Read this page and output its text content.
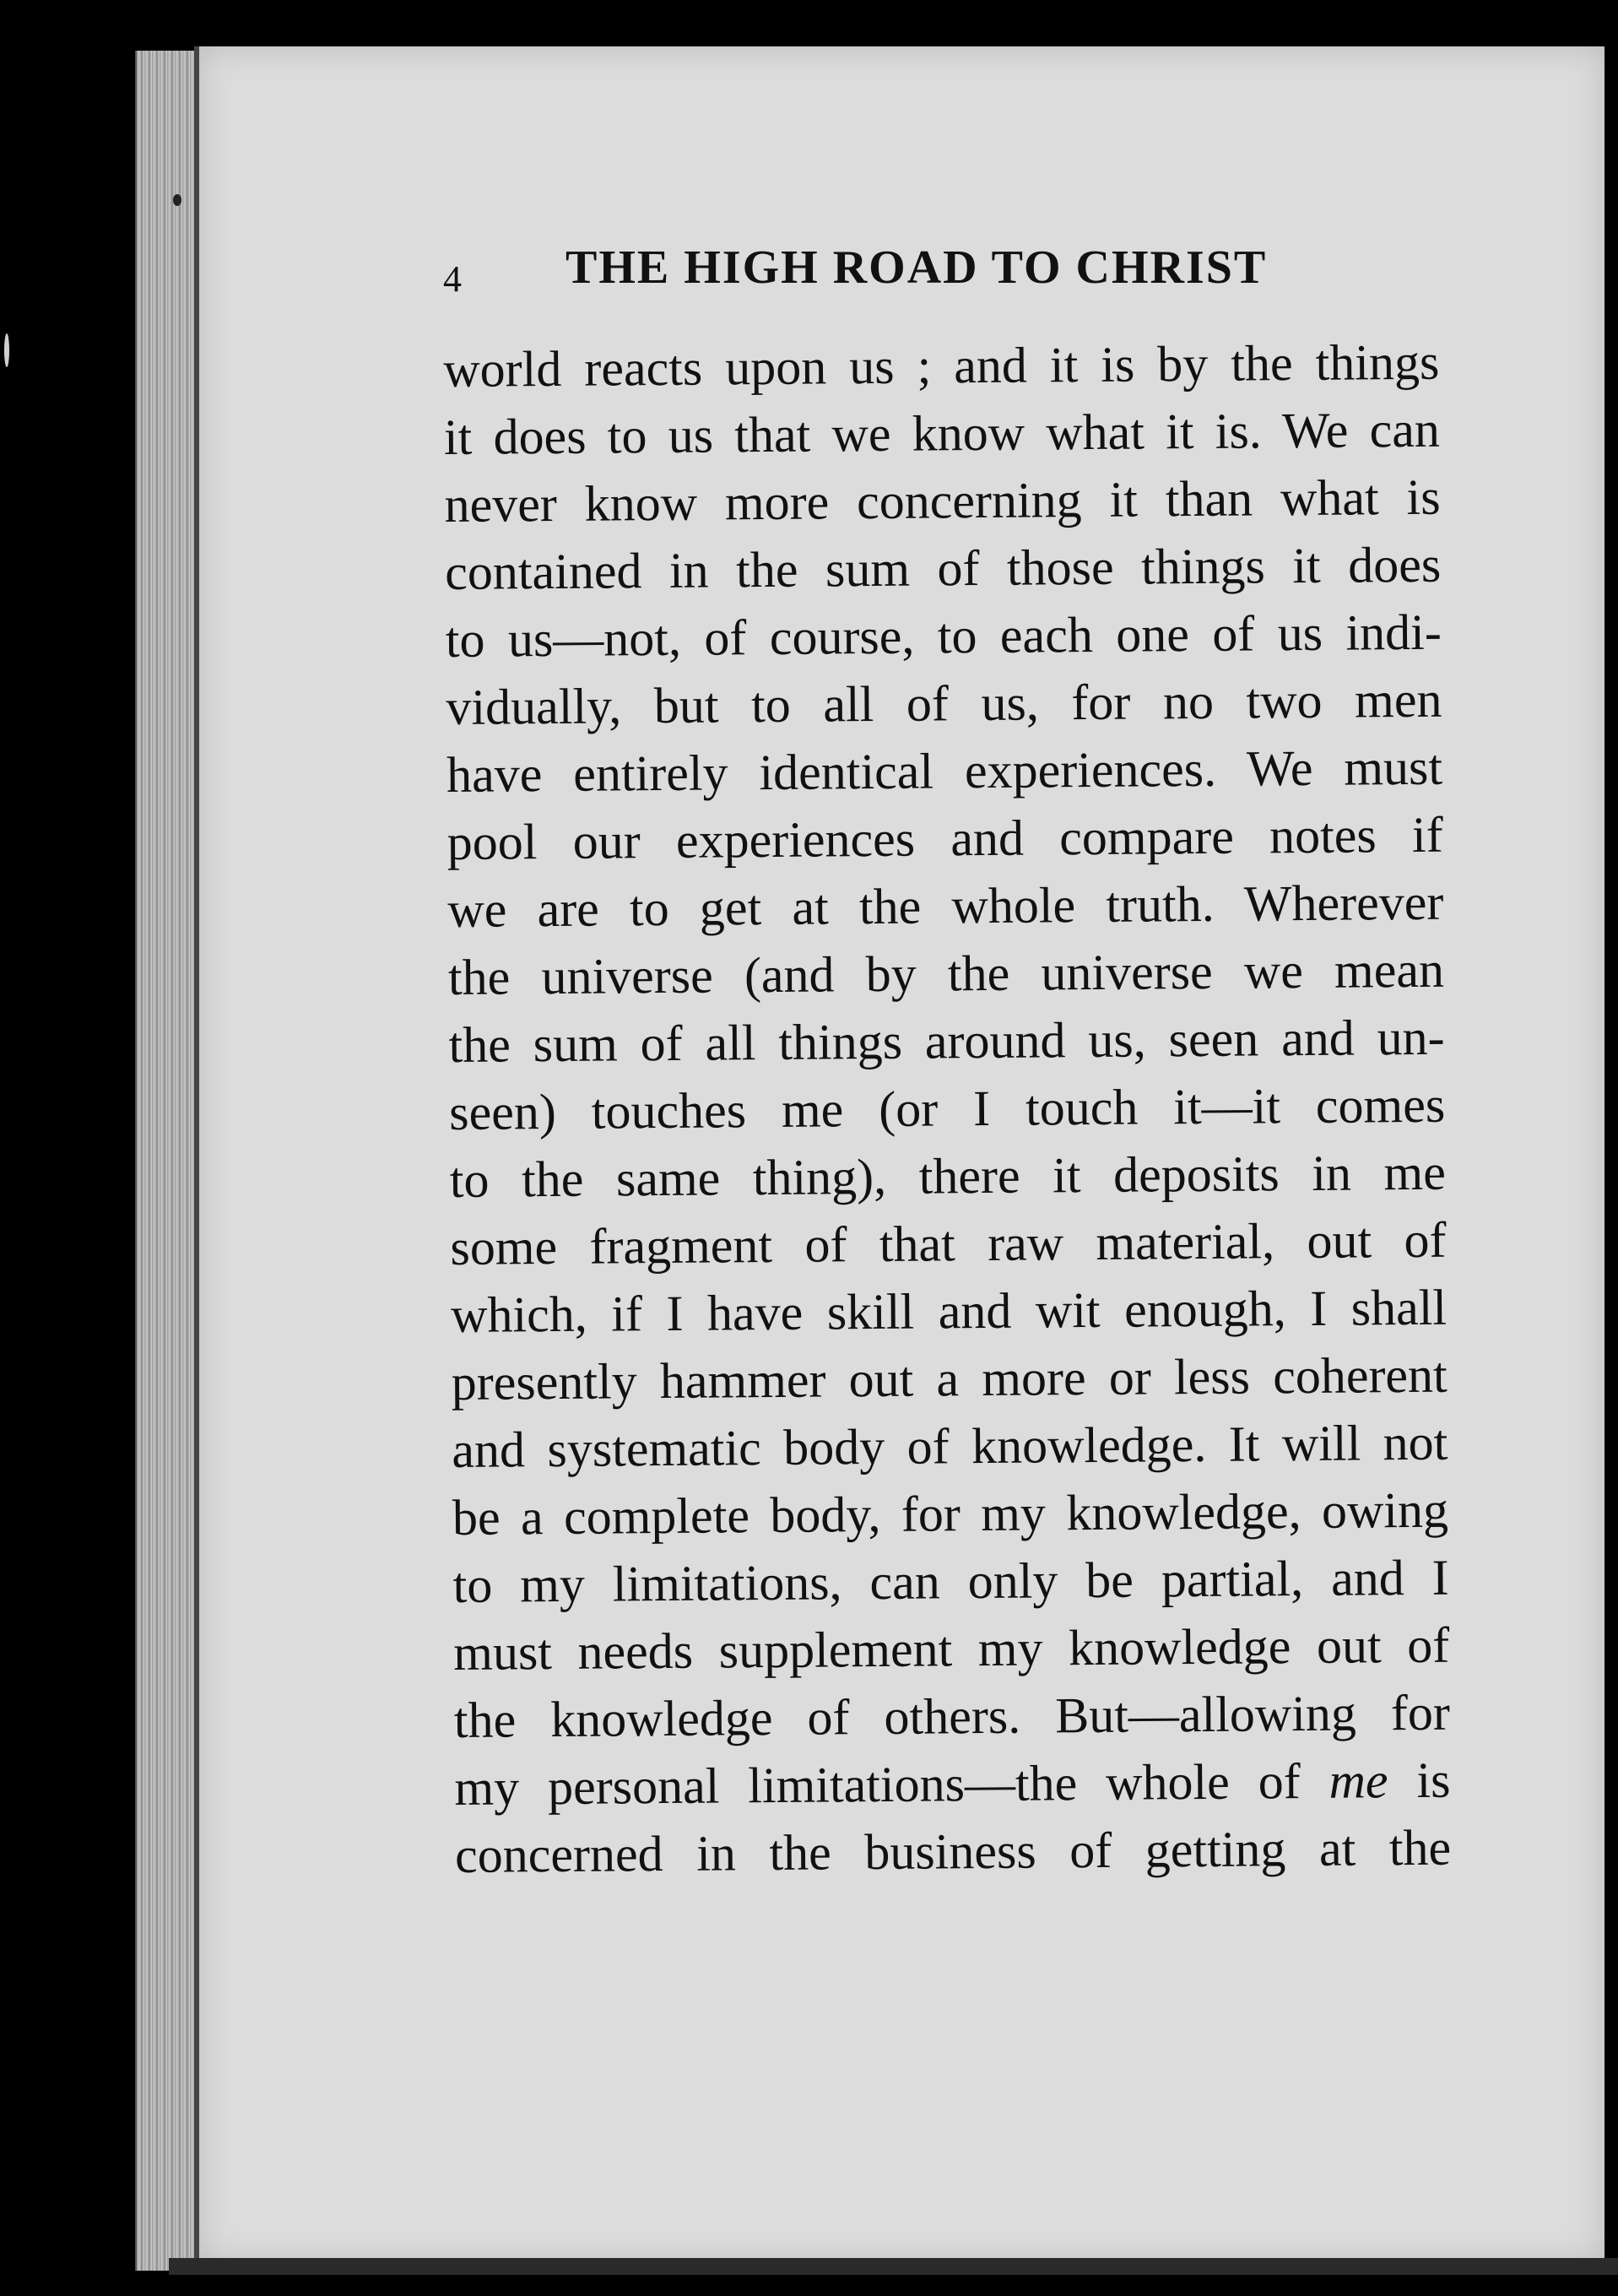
4 THE HIGH ROAD TO CHRIST
world reacts upon us ; and it is by the things
it does to us that we know what it is. We can
never know more concerning it than what is
contained in the sum of those things it does
to us—not, of course, to each one of us indi-
vidually, but to all of us, for no two men
have entirely identical experiences. We must
pool our experiences and compare notes if
we are to get at the whole truth. Wherever
the universe (and by the universe we mean
the sum of all things around us, seen and un-
seen) touches me (or I touch it—it comes
to the same thing), there it deposits in me
some fragment of that raw material, out of
which, if I have skill and wit enough, I shall
presently hammer out a more or less coherent
and systematic body of knowledge. It will not
be a complete body, for my knowledge, owing
to my limitations, can only be partial, and I
must needs supplement my knowledge out of
the knowledge of others. But—allowing for
my personal limitations—the whole of me is
concerned in the business of getting at the
